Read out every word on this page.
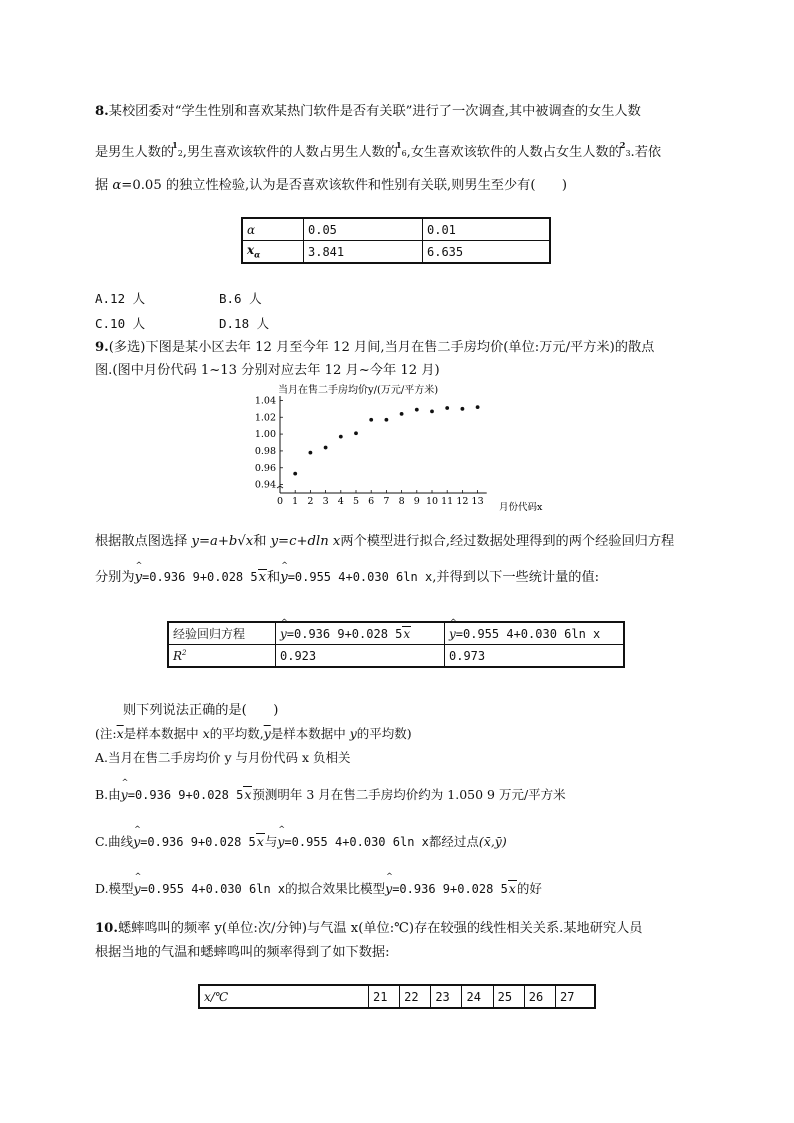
8.某校团委对“学生性别和喜欢某热门软件是否有关联”进行了一次调查,其中被调查的女生人数
是男生人数的$^1$2,男生喜欢该软件的人数占男生人数的$^1$6,女生喜欢该软件的人数占女生人数的$^2$3.若依
据 α=0.05 的独立性检验,认为是否喜欢该软件和性别有关联,则男生至少有(　　)
α	0.05	0.01
$x_\alpha$	3.841	6.635
A.12 人	B.6 人
C.10 人	D.18 人
9.(多选)下图是某小区去年 12 月至今年 12 月间,当月在售二手房均价(单位:万元/平方米)的散点
图.(图中月份代码 1~13 分别对应去年 12 月~今年 12 月)
0.94
0.96
0.98
1.00
1.02
1.04
0 1 2 3 4 5 6 7 8 9 10 11 12 13
当月在售二手房均价y/(万元/平方米)
月份代码x
根据散点图选择 y=a+b√x和 y=c+dln x两个模型进行拟合,经过数据处理得到的两个经验回归方程
分别为^ y=0.936 9+0.028 5x和^ y=0.955 4+0.030 6ln x,并得到以下一些统计量的值:
经验回归方程	^ y=0.936 9+0.028 5x	^ y=0.955 4+0.030 6ln x
$R^2$	0.923	0.973
则下列说法正确的是(　　)
(注$:\overline{x}$是样本数据中 x的平均数$,\overline{y}$是样本数据中 y的平均数)
A.当月在售二手房均价 y 与月份代码 x 负相关
B.由^ y=0.936 9+0.028 5x预测明年 3 月在售二手房均价约为 1.050 9 万元/平方米
C.曲线^ y=0.936 9+0.028 5x与^ y=0.955 4+0.030 6ln x都经过点(x̄,ȳ)
D.模型^ y=0.955 4+0.030 6ln x的拟合效果比模型^ y=0.936 9+0.028 5x的好
10.蟋蟀鸣叫的频率 y(单位:次/分钟)与气温 x(单位:℃)存在较强的线性相关关系.某地研究人员
根据当地的气温和蟋蟀鸣叫的频率得到了如下数据:
x/℃	21	22	23	24	25	26	27
